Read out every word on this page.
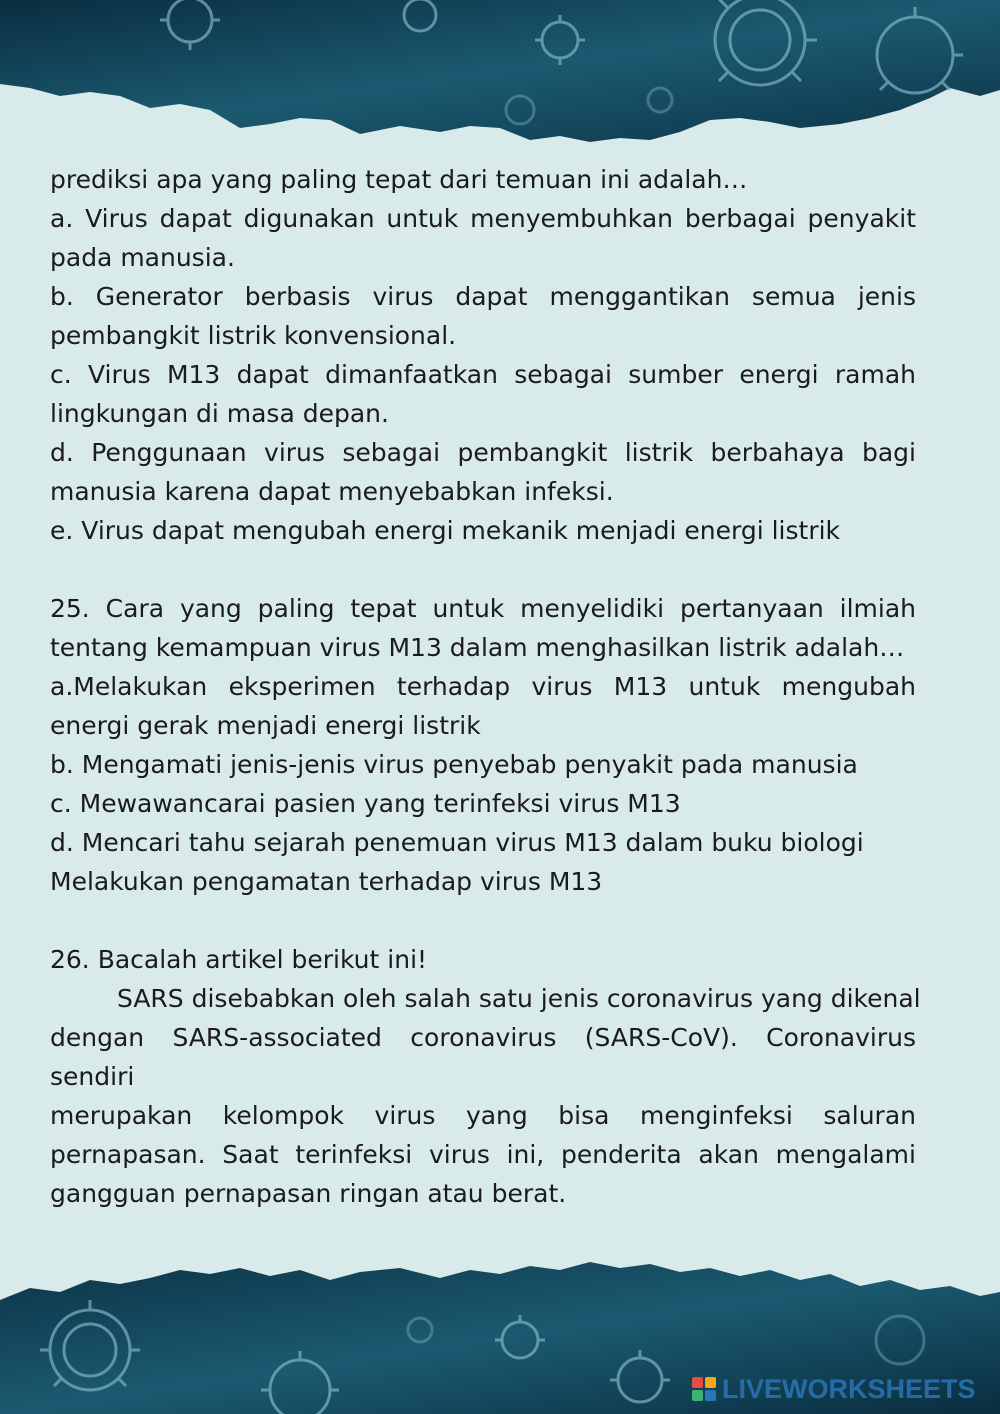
prediksi apa yang paling tepat dari temuan ini adalah…
a. Virus dapat digunakan untuk menyembuhkan berbagai penyakit
pada manusia.
b. Generator berbasis virus dapat menggantikan semua jenis
pembangkit listrik konvensional.
c. Virus M13 dapat dimanfaatkan sebagai sumber energi ramah
lingkungan di masa depan.
d. Penggunaan virus sebagai pembangkit listrik berbahaya bagi
manusia karena dapat menyebabkan infeksi.
e. Virus dapat mengubah energi mekanik menjadi energi listrik
25. Cara yang paling tepat untuk menyelidiki pertanyaan ilmiah
tentang kemampuan virus M13 dalam menghasilkan listrik adalah…
a.Melakukan eksperimen terhadap virus M13 untuk mengubah
energi gerak menjadi energi listrik
b. Mengamati jenis-jenis virus penyebab penyakit pada manusia
c. Mewawancarai pasien yang terinfeksi virus M13
d. Mencari tahu sejarah penemuan virus M13 dalam buku biologi
Melakukan pengamatan terhadap virus M13
26. Bacalah artikel berikut ini!
SARS disebabkan oleh salah satu jenis coronavirus yang dikenal
dengan SARS-associated coronavirus (SARS-CoV). Coronavirus sendiri
merupakan kelompok virus yang bisa menginfeksi saluran
pernapasan. Saat terinfeksi virus ini, penderita akan mengalami
gangguan pernapasan ringan atau berat.
LIVEWORKSHEETS
